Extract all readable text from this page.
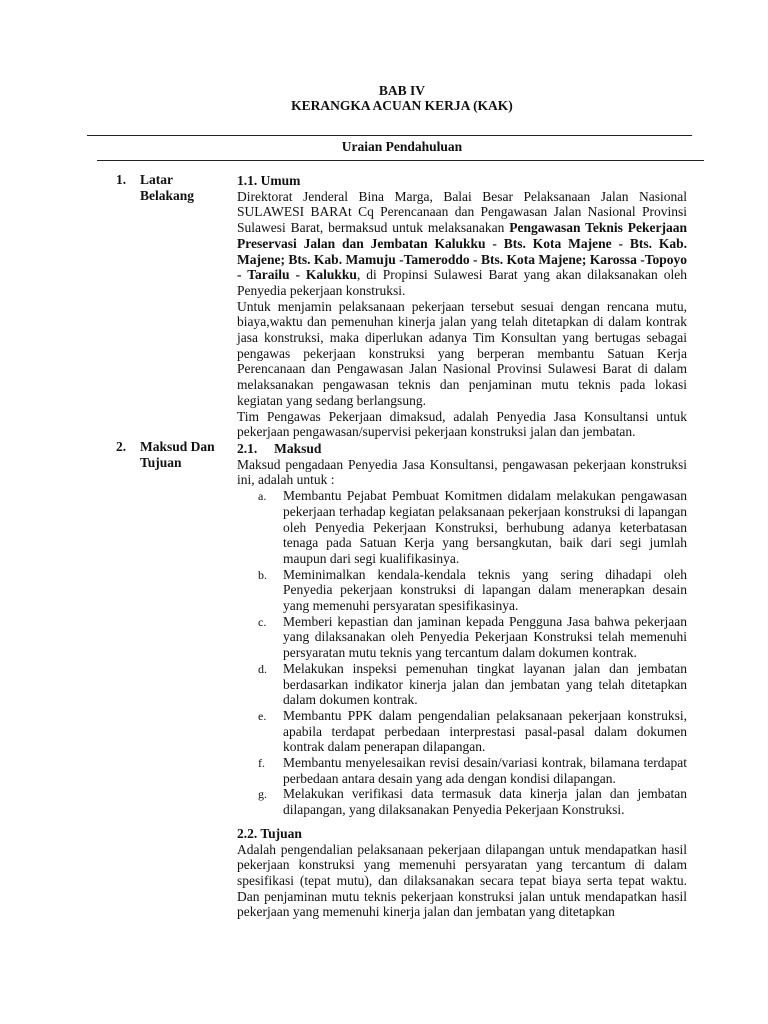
BAB IV
KERANGKA ACUAN KERJA (KAK)
Uraian Pendahuluan
1. Latar Belakang
1.1. Umum

Direktorat Jenderal Bina Marga, Balai Besar Pelaksanaan Jalan Nasional SULAWESI BARAt Cq Perencanaan dan Pengawasan Jalan Nasional Provinsi Sulawesi Barat, bermaksud untuk melaksanakan Pengawasan Teknis Pekerjaan Preservasi Jalan dan Jembatan Kalukku - Bts. Kota Majene - Bts. Kab. Majene; Bts. Kab. Mamuju -Tameroddo - Bts. Kota Majene; Karossa -Topoyo - Tarailu - Kalukku, di Propinsi Sulawesi Barat yang akan dilaksanakan oleh Penyedia pekerjaan konstruksi.

Untuk menjamin pelaksanaan pekerjaan tersebut sesuai dengan rencana mutu, biaya,waktu dan pemenuhan kinerja jalan yang telah ditetapkan di dalam kontrak jasa konstruksi, maka diperlukan adanya Tim Konsultan yang bertugas sebagai pengawas pekerjaan konstruksi yang berperan membantu Satuan Kerja Perencanaan dan Pengawasan Jalan Nasional Provinsi Sulawesi Barat di dalam melaksanakan pengawasan teknis dan penjaminan mutu teknis pada lokasi kegiatan yang sedang berlangsung.

Tim Pengawas Pekerjaan dimaksud, adalah Penyedia Jasa Konsultansi untuk pekerjaan pengawasan/supervisi pekerjaan konstruksi jalan dan jembatan.

2. Maksud Dan Tujuan
2.1.     Maksud

Maksud pengadaan Penyedia Jasa Konsultansi, pengawasan pekerjaan konstruksi ini, adalah untuk :

a. Membantu Pejabat Pembuat Komitmen didalam melakukan pengawasan pekerjaan terhadap kegiatan pelaksanaan pekerjaan konstruksi di lapangan oleh Penyedia Pekerjaan Konstruksi, berhubung adanya keterbatasan tenaga pada Satuan Kerja yang bersangkutan, baik dari segi jumlah maupun dari segi kualifikasinya.
b. Meminimalkan kendala-kendala teknis yang sering dihadapi oleh Penyedia pekerjaan konstruksi di lapangan dalam menerapkan desain yang memenuhi persyaratan spesifikasinya.
c. Memberi kepastian dan jaminan kepada Pengguna Jasa bahwa pekerjaan yang dilaksanakan oleh Penyedia Pekerjaan Konstruksi telah memenuhi persyaratan mutu teknis yang tercantum dalam dokumen kontrak.
d. Melakukan inspeksi pemenuhan tingkat layanan jalan dan jembatan berdasarkan indikator kinerja jalan dan jembatan yang telah ditetapkan dalam dokumen kontrak.
e. Membantu PPK dalam pengendalian pelaksanaan pekerjaan konstruksi, apabila terdapat perbedaan interprestasi pasal-pasal dalam dokumen kontrak dalam penerapan dilapangan.
f. Membantu menyelesaikan revisi desain/variasi kontrak, bilamana terdapat perbedaan antara desain yang ada dengan kondisi dilapangan.
g. Melakukan verifikasi data termasuk data kinerja jalan dan jembatan dilapangan, yang dilaksanakan Penyedia Pekerjaan Konstruksi.
2.2. Tujuan

Adalah pengendalian pelaksanaan pekerjaan dilapangan untuk mendapatkan hasil pekerjaan konstruksi yang memenuhi persyaratan yang tercantum di dalam spesifikasi (tepat mutu), dan dilaksanakan secara tepat biaya serta tepat waktu. Dan penjaminan mutu teknis pekerjaan konstruksi jalan untuk mendapatkan hasil pekerjaan yang memenuhi kinerja jalan dan jembatan yang ditetapkan
